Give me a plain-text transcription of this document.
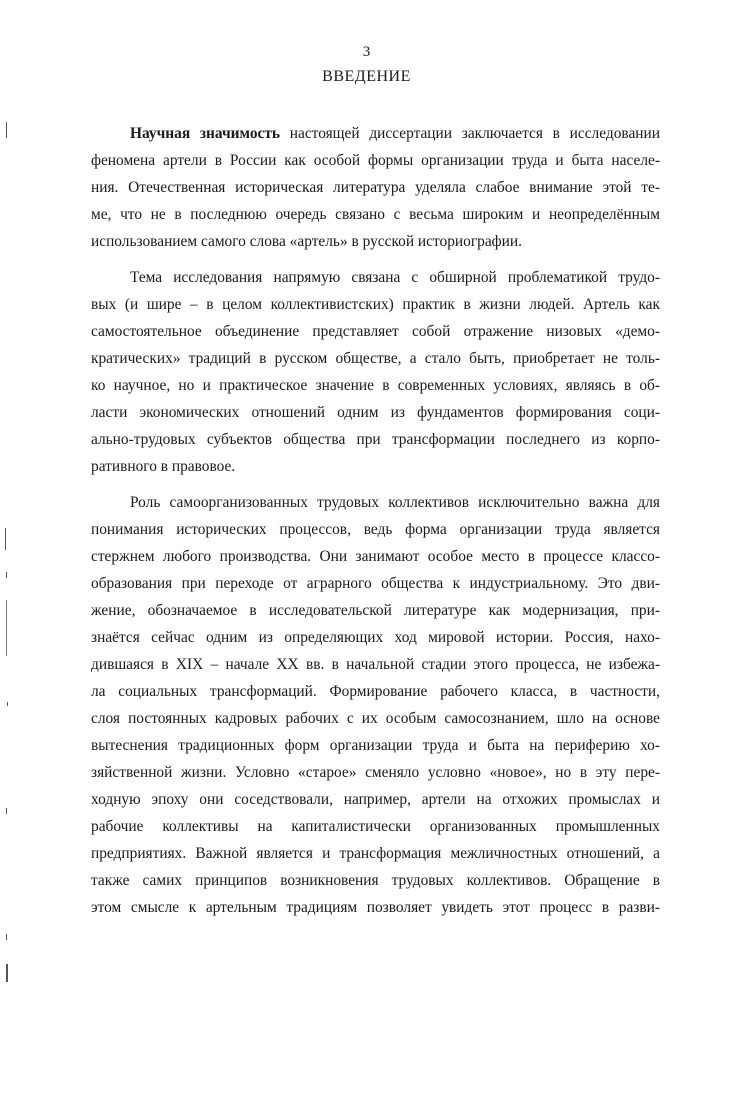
3
ВВЕДЕНИЕ
Научная значимость настоящей диссертации заключается в исследовании
феномена артели в России как особой формы организации труда и быта населе-
ния. Отечественная историческая литература уделяла слабое внимание этой те-
ме, что не в последнюю очередь связано с весьма широким и неопределённым
использованием самого слова «артель» в русской историографии.
Тема исследования напрямую связана с обширной проблематикой трудо-
вых (и шире – в целом коллективистских) практик в жизни людей. Артель как
самостоятельное объединение представляет собой отражение низовых «демо-
кратических» традиций в русском обществе, а стало быть, приобретает не толь-
ко научное, но и практическое значение в современных условиях, являясь в об-
ласти экономических отношений одним из фундаментов формирования соци-
ально-трудовых субъектов общества при трансформации последнего из корпо-
ративного в правовое.
Роль самоорганизованных трудовых коллективов исключительно важна для
понимания исторических процессов, ведь форма организации труда является
стержнем любого производства. Они занимают особое место в процессе классо-
образования при переходе от аграрного общества к индустриальному. Это дви-
жение, обозначаемое в исследовательской литературе как модернизация, при-
знаётся сейчас одним из определяющих ход мировой истории. Россия, нахо-
дившаяся в XIX – начале XX вв. в начальной стадии этого процесса, не избежа-
ла социальных трансформаций. Формирование рабочего класса, в частности,
слоя постоянных кадровых рабочих с их особым самосознанием, шло на основе
вытеснения традиционных форм организации труда и быта на периферию хо-
зяйственной жизни. Условно «старое» сменяло условно «новое», но в эту пере-
ходную эпоху они соседствовали, например, артели на отхожих промыслах и
рабочие коллективы на капиталистически организованных промышленных
предприятиях. Важной является и трансформация межличностных отношений, а
также самих принципов возникновения трудовых коллективов. Обращение в
этом смысле к артельным традициям позволяет увидеть этот процесс в разви-
